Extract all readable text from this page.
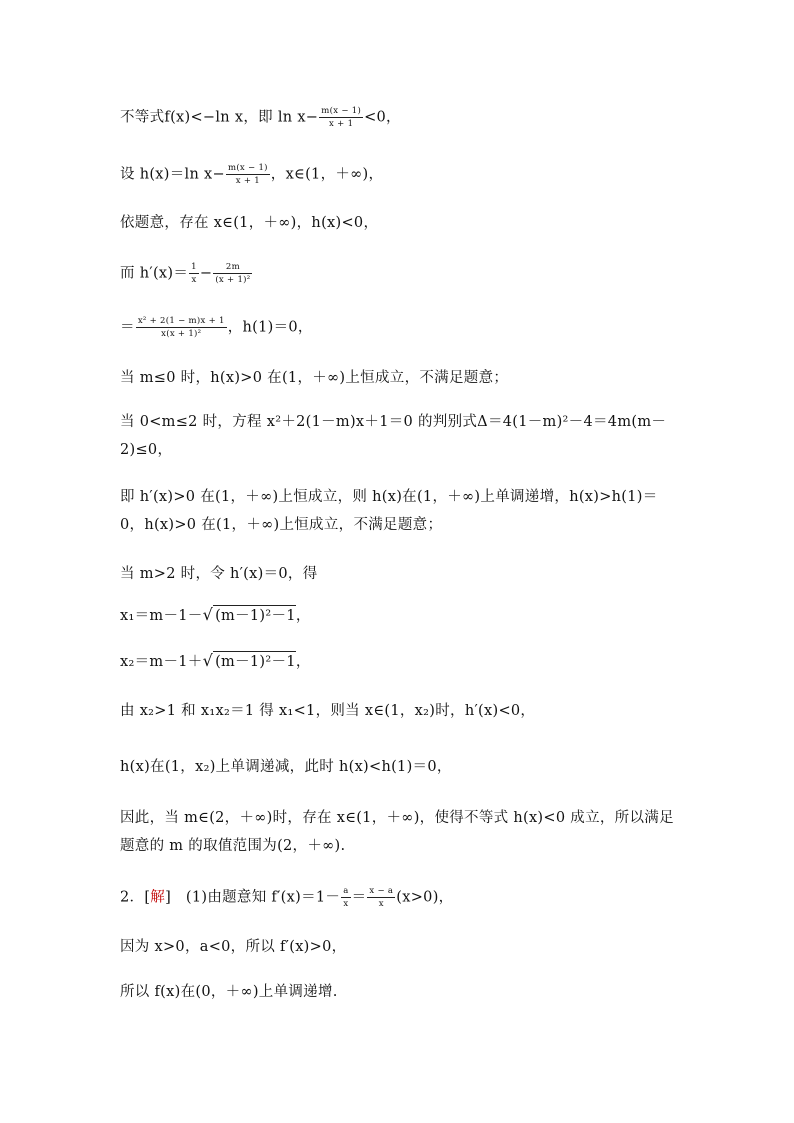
不等式f(x)<−ln x，即 $\ln x- \frac{m(x - 1)}{x + 1} <0$，
设 h(x)＝ln $x- \frac{m(x - 1)}{x + 1}$ ，x∈(1，＋∞)，
依题意，存在 x∈(1，＋∞)，h(x)<0，
而 $h'(x)= \frac{1}{x} - \frac{2m}{\text{(x + 1)²}}$
＝ $\frac{\text{x² + 2(1 − m)x + 1}}{\text{x(x + 1)²}}$ ，h(1)＝0，
当 m≤0 时，h(x)>0 在(1，＋∞)上恒成立，不满足题意；
当 0<m≤2 时，方程 x²＋2(1－m)x＋1＝0 的判别式Δ＝4(1－m)²－4＝4m(m－2)≤0，
即 h′(x)>0 在(1，＋∞)上恒成立，则 h(x)在(1，＋∞)上单调递增，h(x)>h(1)＝0，h(x)>0 在(1，＋∞)上恒成立，不满足题意；
当 m>2 时，令 h′(x)＝0，得
x₁＝m－1－√ (m－1)²－1，
x₂＝m－1＋√ (m－1)²－1，
由 x₂>1 和 x₁x₂＝1 得 x₁<1，则当 x∈(1，x₂)时，h′(x)<0，
h(x)在(1，x₂)上单调递减，此时 h(x)<h(1)＝0，
因此，当 m∈(2，＋∞)时，存在 x∈(1，＋∞)，使得不等式 h(x)<0 成立，所以满足题意的 m 的取值范围为(2，＋∞).
2．[解]　(1)由题意知 $f'(x)=1- \frac{a}{x} = \frac{x - a}{x} (x>0)$，
因为 x>0，a<0，所以 f′(x)>0，
所以 f(x)在(0，＋∞)上单调递增.
